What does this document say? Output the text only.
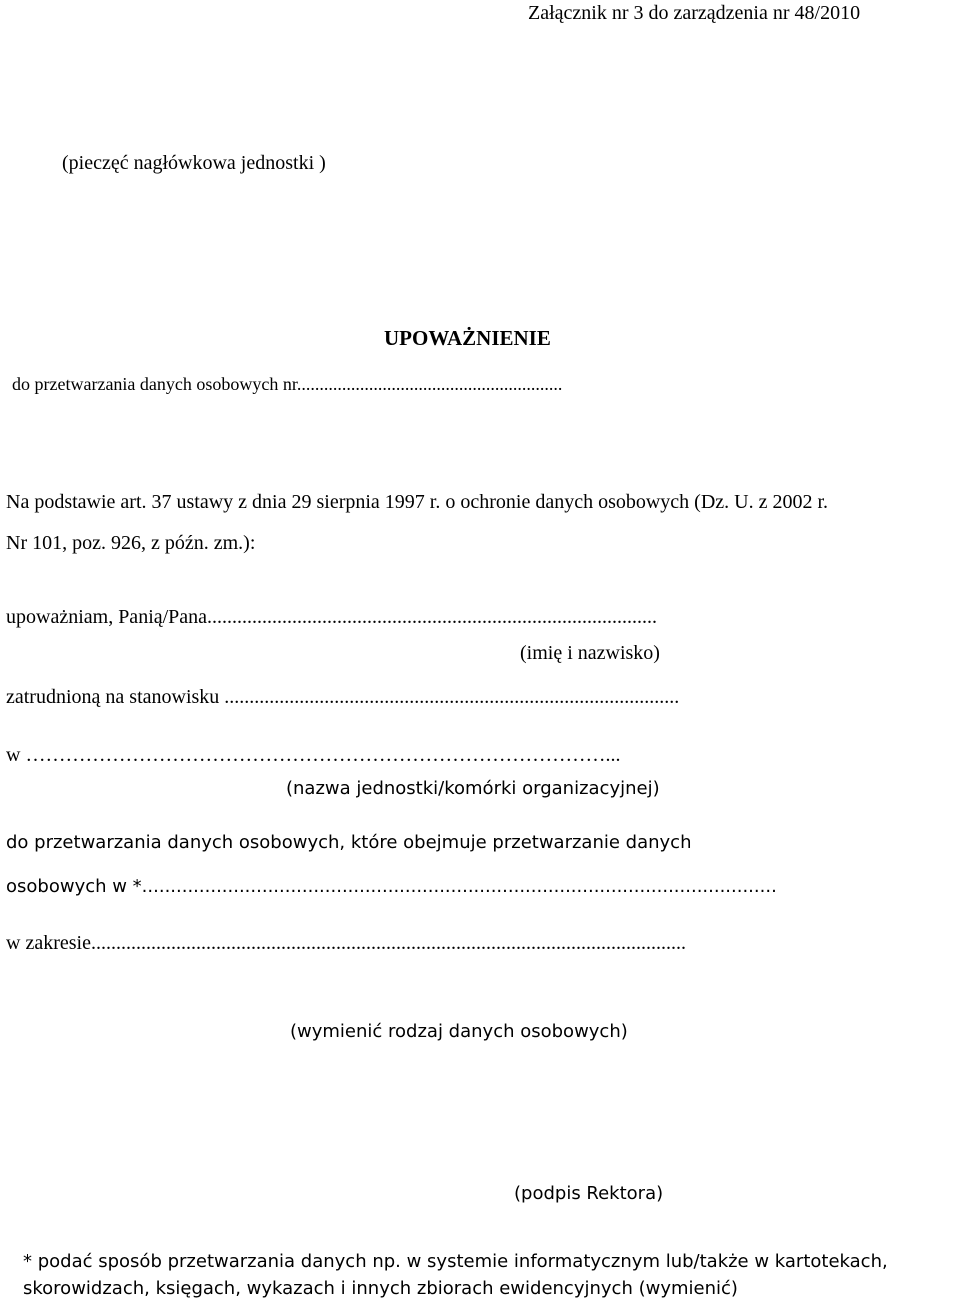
Załącznik nr 3 do zarządzenia nr 48/2010
(pieczęć nagłówkowa jednostki )
UPOWAŻNIENIE
do przetwarzania danych osobowych nr...........................................................
Na podstawie art. 37 ustawy z dnia 29 sierpnia 1997 r. o ochronie danych osobowych (Dz. U. z 2002 r.
Nr 101, poz. 926, z późn. zm.):
upoważniam, Panią/Pana..........................................................................................
(imię i nazwisko)
zatrudnioną na stanowisku ...........................................................................................
w ……………………………………………………………………………...
(nazwa jednostki/komórki organizacyjnej)
do przetwarzania danych osobowych, które obejmuje przetwarzanie danych
osobowych w *...............................................................................................................
w zakresie.......................................................................................................................
(wymienić rodzaj danych osobowych)
(podpis Rektora)
* podać sposób przetwarzania danych np. w systemie informatycznym lub/także w kartotekach,
skorowidzach, księgach, wykazach i innych zbiorach ewidencyjnych (wymienić)
